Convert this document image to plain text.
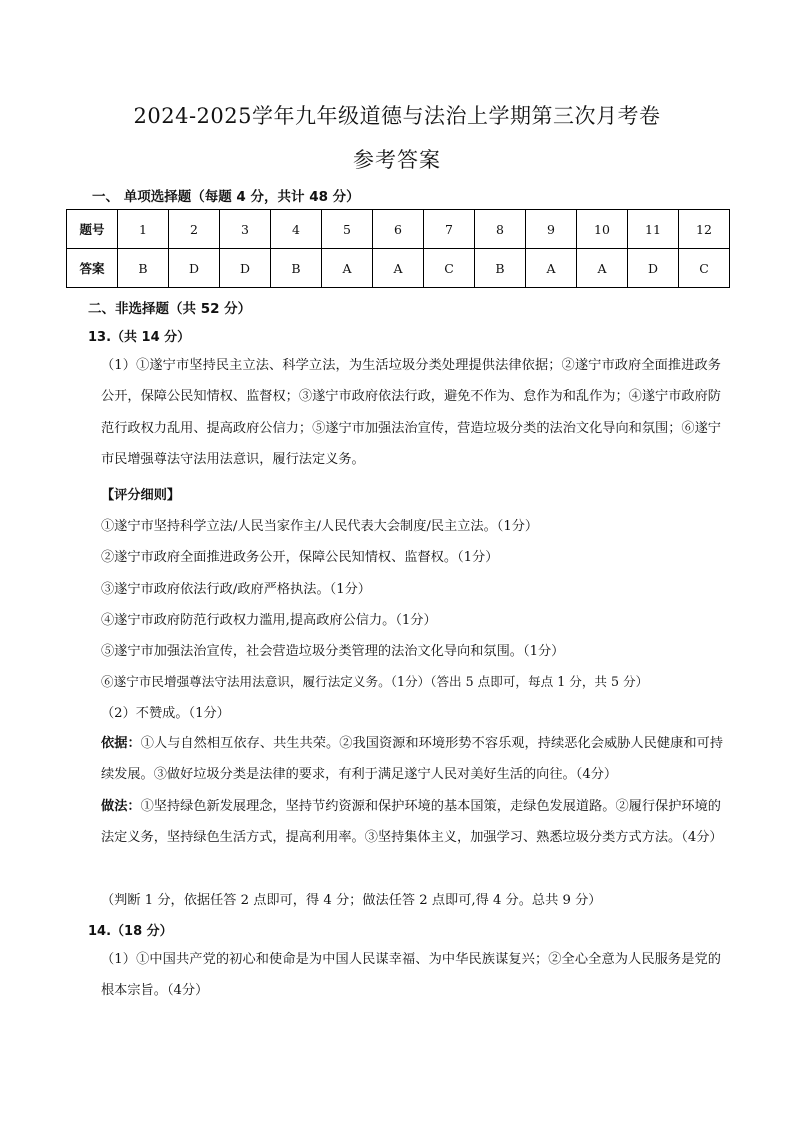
2024-2025学年九年级道德与法治上学期第三次月考卷
参考答案
一、 单项选择题（每题 4 分，共计 48 分）
题号	1	2	3	4	5	6	7	8	9	10	11	12
答案	B	D	D	B	A	A	C	B	A	A	D	C
二、非选择题（共 52 分）
13.（共 14 分）
（1）①遂宁市坚持民主立法、科学立法，为生活垃圾分类处理提供法律依据；②遂宁市政府全面推进政务公开，保障公民知情权、监督权；③遂宁市政府依法行政，避免不作为、怠作为和乱作为；④遂宁市政府防范行政权力乱用、提高政府公信力；⑤遂宁市加强法治宣传，营造垃圾分类的法治文化导向和氛围；⑥遂宁市民增强尊法守法用法意识，履行法定义务。
【评分细则】
①遂宁市坚持科学立法/人民当家作主/人民代表大会制度/民主立法。（1分）
②遂宁市政府全面推进政务公开，保障公民知情权、监督权。（1分）
③遂宁市政府依法行政/政府严格执法。（1分）
④遂宁市政府防范行政权力滥用,提高政府公信力。（1分）
⑤遂宁市加强法治宣传，社会营造垃圾分类管理的法治文化导向和氛围。（1分）
⑥遂宁市民增强尊法守法用法意识，履行法定义务。（1分）（答出 5 点即可，每点 1 分，共 5 分）
（2）不赞成。（1分）
依据：①人与自然相互依存、共生共荣。②我国资源和环境形势不容乐观，持续恶化会威胁人民健康和可持续发展。③做好垃圾分类是法律的要求，有利于满足遂宁人民对美好生活的向往。（4分）
做法：①坚持绿色新发展理念，坚持节约资源和保护环境的基本国策，走绿色发展道路。②履行保护环境的法定义务，坚持绿色生活方式，提高利用率。③坚持集体主义，加强学习、熟悉垃圾分类方式方法。（4分）
（判断 1 分，依据任答 2 点即可，得 4 分；做法任答 2 点即可,得 4 分。总共 9 分）
14.（18 分）
（1）①中国共产党的初心和使命是为中国人民谋幸福、为中华民族谋复兴；②全心全意为人民服务是党的根本宗旨。（4分）
